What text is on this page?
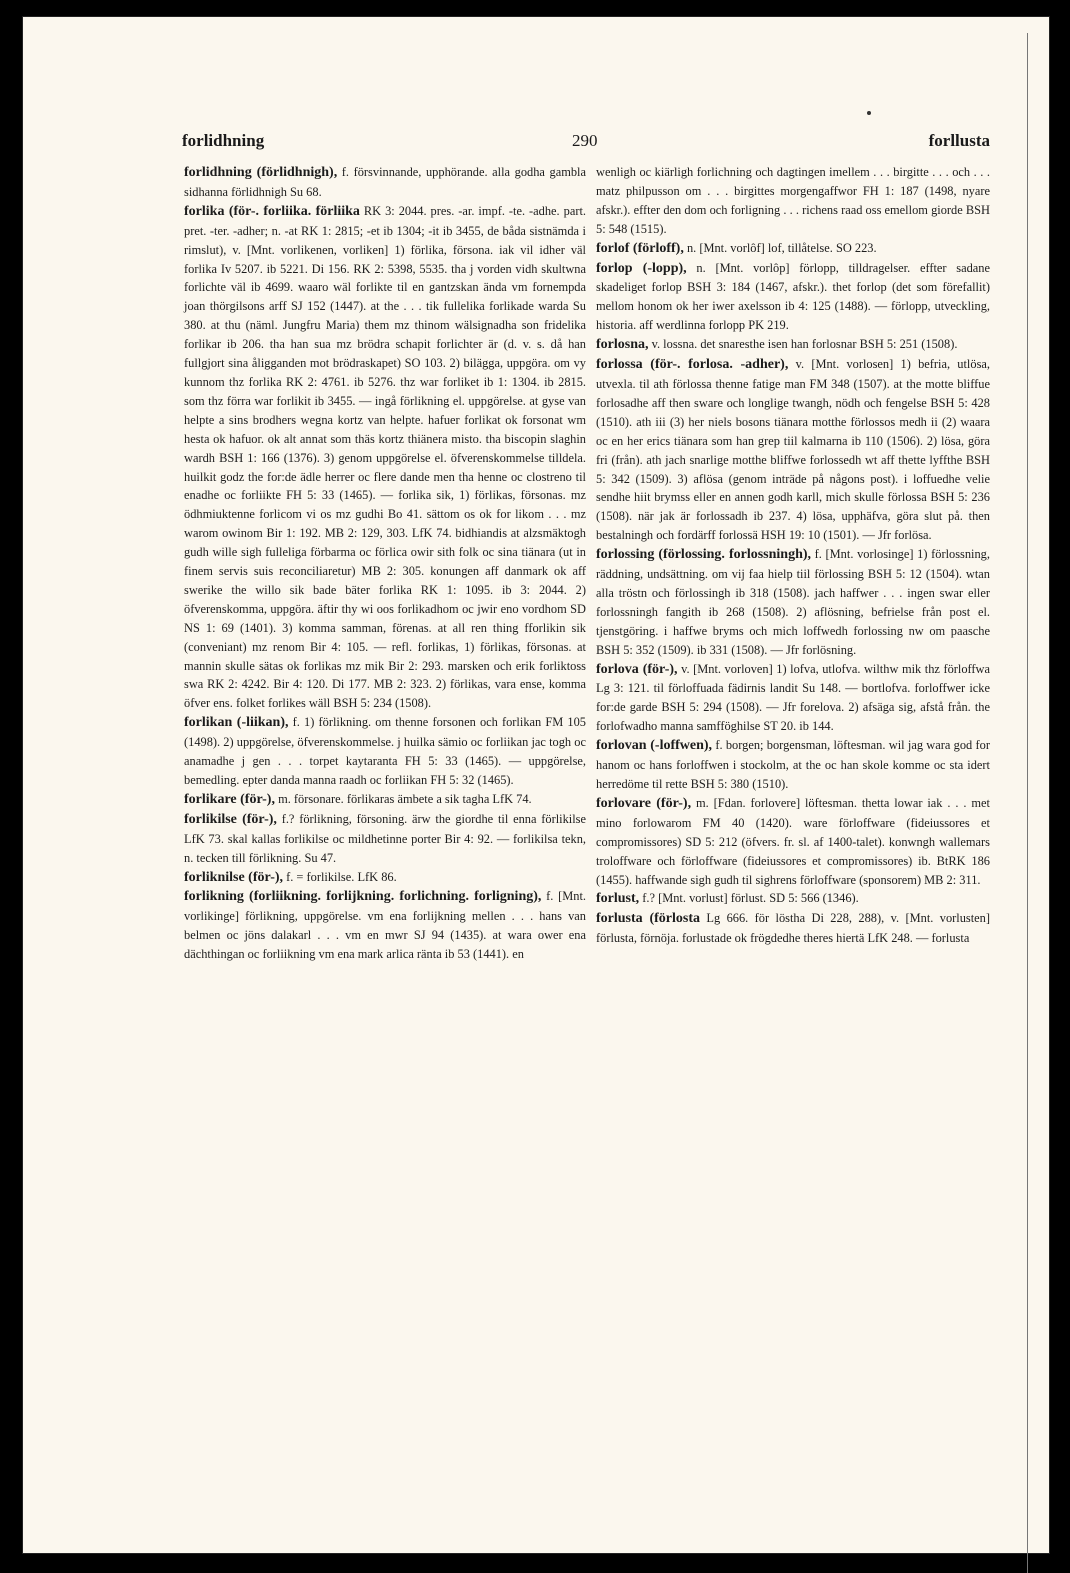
forlidhning	290	forllusta

forlidhning (förlidhnigh), f. försvinnande, upphörande. alla godha gambla sidhanna förlidhnigh Su 68.

forlika (för-. forliika. förliika RK 3: 2044. pres. -ar. impf. -te. -adhe. part. pret. -ter. -adher; n. -at RK 1: 2815; -et ib 1304; -it ib 3455, de båda sistnämda i rimslut), v. [Mnt. vorlikenen, vorliken] 1) förlika, försona. iak vil idher väl forlika Iv 5207. ib 5221. Di 156. RK 2: 5398, 5535. tha j vorden vidh skultwna forlichte väl ib 4699. waaro wäl forlikte til en gantzskan ända vm fornempda joan thörgilsons arff SJ 152 (1447). at the . . . tik fullelika forlikade warda Su 380. at thu (näml. Jungfru Maria) them mz thinom wälsignadha son fridelika forlikar ib 206. tha han sua mz brödra schapit forlichter är (d. v. s. då han fullgjort sina åligganden mot brödraskapet) SO 103. 2) bilägga, uppgöra. om vy kunnom thz forlika RK 2: 4761. ib 5276. thz war forliket ib 1: 1304. ib 2815. som thz förra war forlikit ib 3455. — ingå förlikning el. uppgörelse. at gyse van helpte a sins brodhers wegna kortz van helpte. hafuer forlikat ok forsonat wm hesta ok hafuor. ok alt annat som thäs kortz thiänera misto. tha biscopin slaghin wardh BSH 1: 166 (1376). 3) genom uppgörelse el. öfverenskommelse tilldela. huilkit godz the for:de ädle herrer oc flere dande men tha henne oc clostreno til enadhe oc forliikte FH 5: 33 (1465). — forlika sik, 1) förlikas, försonas. mz ödhmiuktenne forlicom vi os mz gudhi Bo 41. sättom os ok for likom . . . mz warom owinom Bir 1: 192. MB 2: 129, 303. LfK 74. bidhiandis at alzsmäktogh gudh wille sigh fulleliga förbarma oc förlica owir sith folk oc sina tiänara (ut in finem servis suis reconciliaretur) MB 2: 305. konungen aff danmark ok aff swerike the willo sik bade bäter forlika RK 1: 1095. ib 3: 2044. 2) öfverenskomma, uppgöra. äftir thy wi oos forlikadhom oc jwir eno vordhom SD NS 1: 69 (1401). 3) komma samman, förenas. at all ren thing fforlikin sik (conveniant) mz renom Bir 4: 105. — refl. forlikas, 1) förlikas, försonas. at mannin skulle sätas ok forlikas mz mik Bir 2: 293. marsken och erik forliktoss swa RK 2: 4242. Bir 4: 120. Di 177. MB 2: 323. 2) förlikas, vara ense, komma öfver ens. folket forlikes wäll BSH 5: 234 (1508).

forlikan (-liikan), f. 1) förlikning. om thenne forsonen och forlikan FM 105 (1498). 2) uppgörelse, öfverenskommelse. j huilka sämio oc forliikan jac togh oc anamadhe j gen . . . torpet kaytaranta FH 5: 33 (1465). — uppgörelse, bemedling. epter danda manna raadh oc forliikan FH 5: 32 (1465).

forlikare (för-), m. försonare. förlikaras ämbete a sik tagha LfK 74.

forlikilse (för-), f.? förlikning, försoning. ärw the giordhe til enna förlikilse LfK 73. skal kallas forlikilse oc mildhetinne porter Bir 4: 92. — forlikilsa tekn, n. tecken till förlikning. Su 47.

forliknilse (för-), f. = forlikilse. LfK 86.

forlikning (forliikning. forlijkning. forlichning. forligning), f. [Mnt. vorlikinge] förlikning, uppgörelse. vm ena forlijkning mellen . . . hans van belmen oc jöns dalakarl . . . vm en mwr SJ 94 (1435). at wara ower ena dächthingan oc forliikning vm ena mark arlica ränta ib 53 (1441). en

wenligh oc kiärligh forlichning och dagtingen imellem . . . birgitte . . . och . . . matz philpusson om . . . birgittes morgengaffwor FH 1: 187 (1498, nyare afskr.). effter den dom och forligning . . . richens raad oss emellom giorde BSH 5: 548 (1515).

forlof (förloff), n. [Mnt. vorlôf] lof, tillåtelse. SO 223.

forlop (-lopp), n. [Mnt. vorlôp] förlopp, tilldragelser. effter sadane skadeliget forlop BSH 3: 184 (1467, afskr.). thet forlop (det som förefallit) mellom honom ok her iwer axelsson ib 4: 125 (1488). — förlopp, utveckling, historia. aff werdlinna forlopp PK 219.

forlosna, v. lossna. det snaresthe isen han forlosnar BSH 5: 251 (1508).

forlossa (för-. forlosa. -adher), v. [Mnt. vorlosen] 1) befria, utlösa, utvexla. til ath förlossa thenne fatige man FM 348 (1507). at the motte bliffue forlosadhe aff then sware och longlige twangh, nödh och fengelse BSH 5: 428 (1510). ath iii (3) her niels bosons tiänara motthe förlossos medh ii (2) waara oc en her erics tiänara som han grep tiil kalmarna ib 110 (1506). 2) lösa, göra fri (från). ath jach snarlige motthe bliffwe forlossedh wt aff thette lyffthe BSH 5: 342 (1509). 3) aflösa (genom inträde på någons post). i loffuedhe velie sendhe hiit brymss eller en annen godh karll, mich skulle förlossa BSH 5: 236 (1508). när jak är forlossadh ib 237. 4) lösa, upphäfva, göra slut på. then bestalningh och fordärff forlossä HSH 19: 10 (1501). — Jfr forlösa.

forlossing (förlossing. forlossningh), f. [Mnt. vorlosinge] 1) förlossning, räddning, undsättning. om vij faa hielp tiil förlossing BSH 5: 12 (1504). wtan alla tröstn och förlossingh ib 318 (1508). jach haffwer . . . ingen swar eller forlossningh fangith ib 268 (1508). 2) aflösning, befrielse från post el. tjenstgöring. i haffwe bryms och mich loffwedh forlossing nw om paasche BSH 5: 352 (1509). ib 331 (1508). — Jfr forlösning.

forlova (för-), v. [Mnt. vorloven] 1) lofva, utlofva. wilthw mik thz förloffwa Lg 3: 121. til förloffuada fädirnis landit Su 148. — bortlofva. forloffwer icke for:de garde BSH 5: 294 (1508). — Jfr forelova. 2) afsäga sig, afstå från. the forlofwadho manna samfföghilse ST 20. ib 144.

forlovan (-loffwen), f. borgen; borgensman, löftesman. wil jag wara god for hanom oc hans forloffwen i stockolm, at the oc han skole komme oc sta idert herredöme til rette BSH 5: 380 (1510).

forlovare (för-), m. [Fdan. forlovere] löftesman. thetta lowar iak . . . met mino forlowarom FM 40 (1420). ware förloffware (fideiussores et compromissores) SD 5: 212 (öfvers. fr. sl. af 1400-talet). konwngh wallemars troloffware och förloffware (fideiussores et compromissores) ib. BtRK 186 (1455). haffwande sigh gudh til sighrens förloffware (sponsorem) MB 2: 311.

forlust, f.? [Mnt. vorlust] förlust. SD 5: 566 (1346).

forlusta (förlosta Lg 666. för löstha Di 228, 288), v. [Mnt. vorlusten] förlusta, förnöja. forlustade ok frögdedhe theres hiertä LfK 248. — forlusta
